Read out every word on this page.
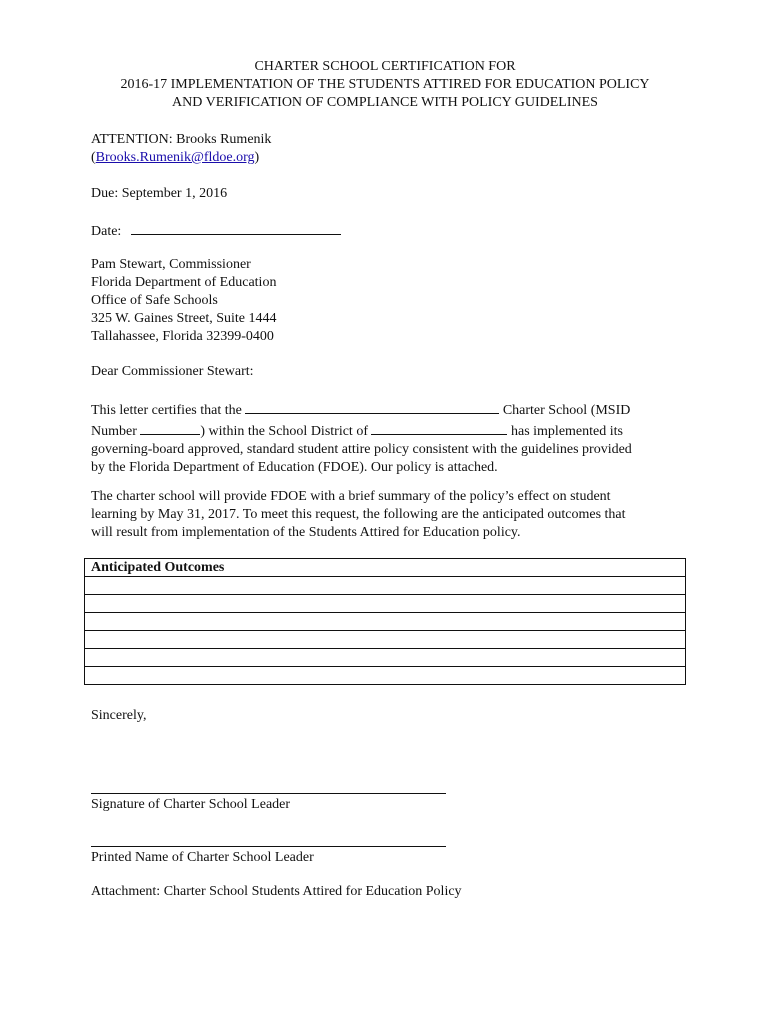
CHARTER SCHOOL CERTIFICATION FOR
2016-17 IMPLEMENTATION OF THE STUDENTS ATTIRED FOR EDUCATION POLICY
AND VERIFICATION OF COMPLIANCE WITH POLICY GUIDELINES
ATTENTION: Brooks Rumenik
(Brooks.Rumenik@fldoe.org)
Due: September 1, 2016
Date:
Pam Stewart, Commissioner
Florida Department of Education
Office of Safe Schools
325 W. Gaines Street, Suite 1444
Tallahassee, Florida 32399-0400
Dear Commissioner Stewart:
This letter certifies that the	Charter School (MSID
Number	) within the School District of	has implemented its
governing-board approved, standard student attire policy consistent with the guidelines provided
by the Florida Department of Education (FDOE). Our policy is attached.
The charter school will provide FDOE with a brief summary of the policy’s effect on student
learning by May 31, 2017. To meet this request, the following are the anticipated outcomes that
will result from implementation of the Students Attired for Education policy.
Anticipated Outcomes

Sincerely,
Signature of Charter School Leader
Printed Name of Charter School Leader
Attachment: Charter School Students Attired for Education Policy
